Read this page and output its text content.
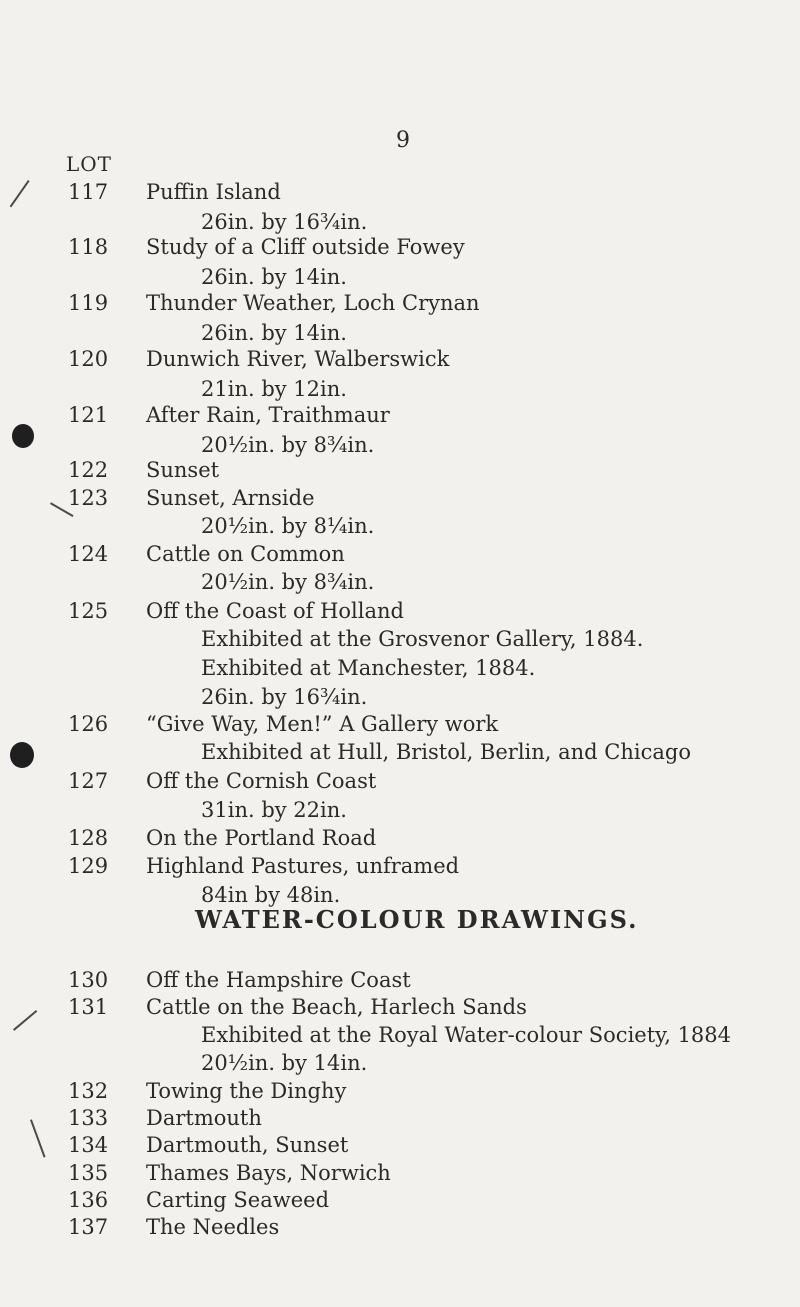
9
LOT
117 Puffin Island
26in. by 16¾in.
118 Study of a Cliff outside Fowey
26in. by 14in.
119 Thunder Weather, Loch Crynan
26in. by 14in.
120 Dunwich River, Walberswick
21in. by 12in.
121 After Rain, Traithmaur
20½in. by 8¾in.
122 Sunset
123 Sunset, Arnside
20½in. by 8¼in.
124 Cattle on Common
20½in. by 8¾in.
125 Off the Coast of Holland
Exhibited at the Grosvenor Gallery, 1884.
Exhibited at Manchester, 1884.
26in. by 16¾in.
126 “Give Way, Men!” A Gallery work
Exhibited at Hull, Bristol, Berlin, and Chicago
127 Off the Cornish Coast
31in. by 22in.
128 On the Portland Road
129 Highland Pastures, unframed
84in by 48in.
130 Off the Hampshire Coast
131 Cattle on the Beach, Harlech Sands
Exhibited at the Royal Water-colour Society, 1884
20½in. by 14in.
132 Towing the Dinghy
133 Dartmouth
134 Dartmouth, Sunset
135 Thames Bays, Norwich
136 Carting Seaweed
137 The Needles
WATER-COLOUR DRAWINGS.
